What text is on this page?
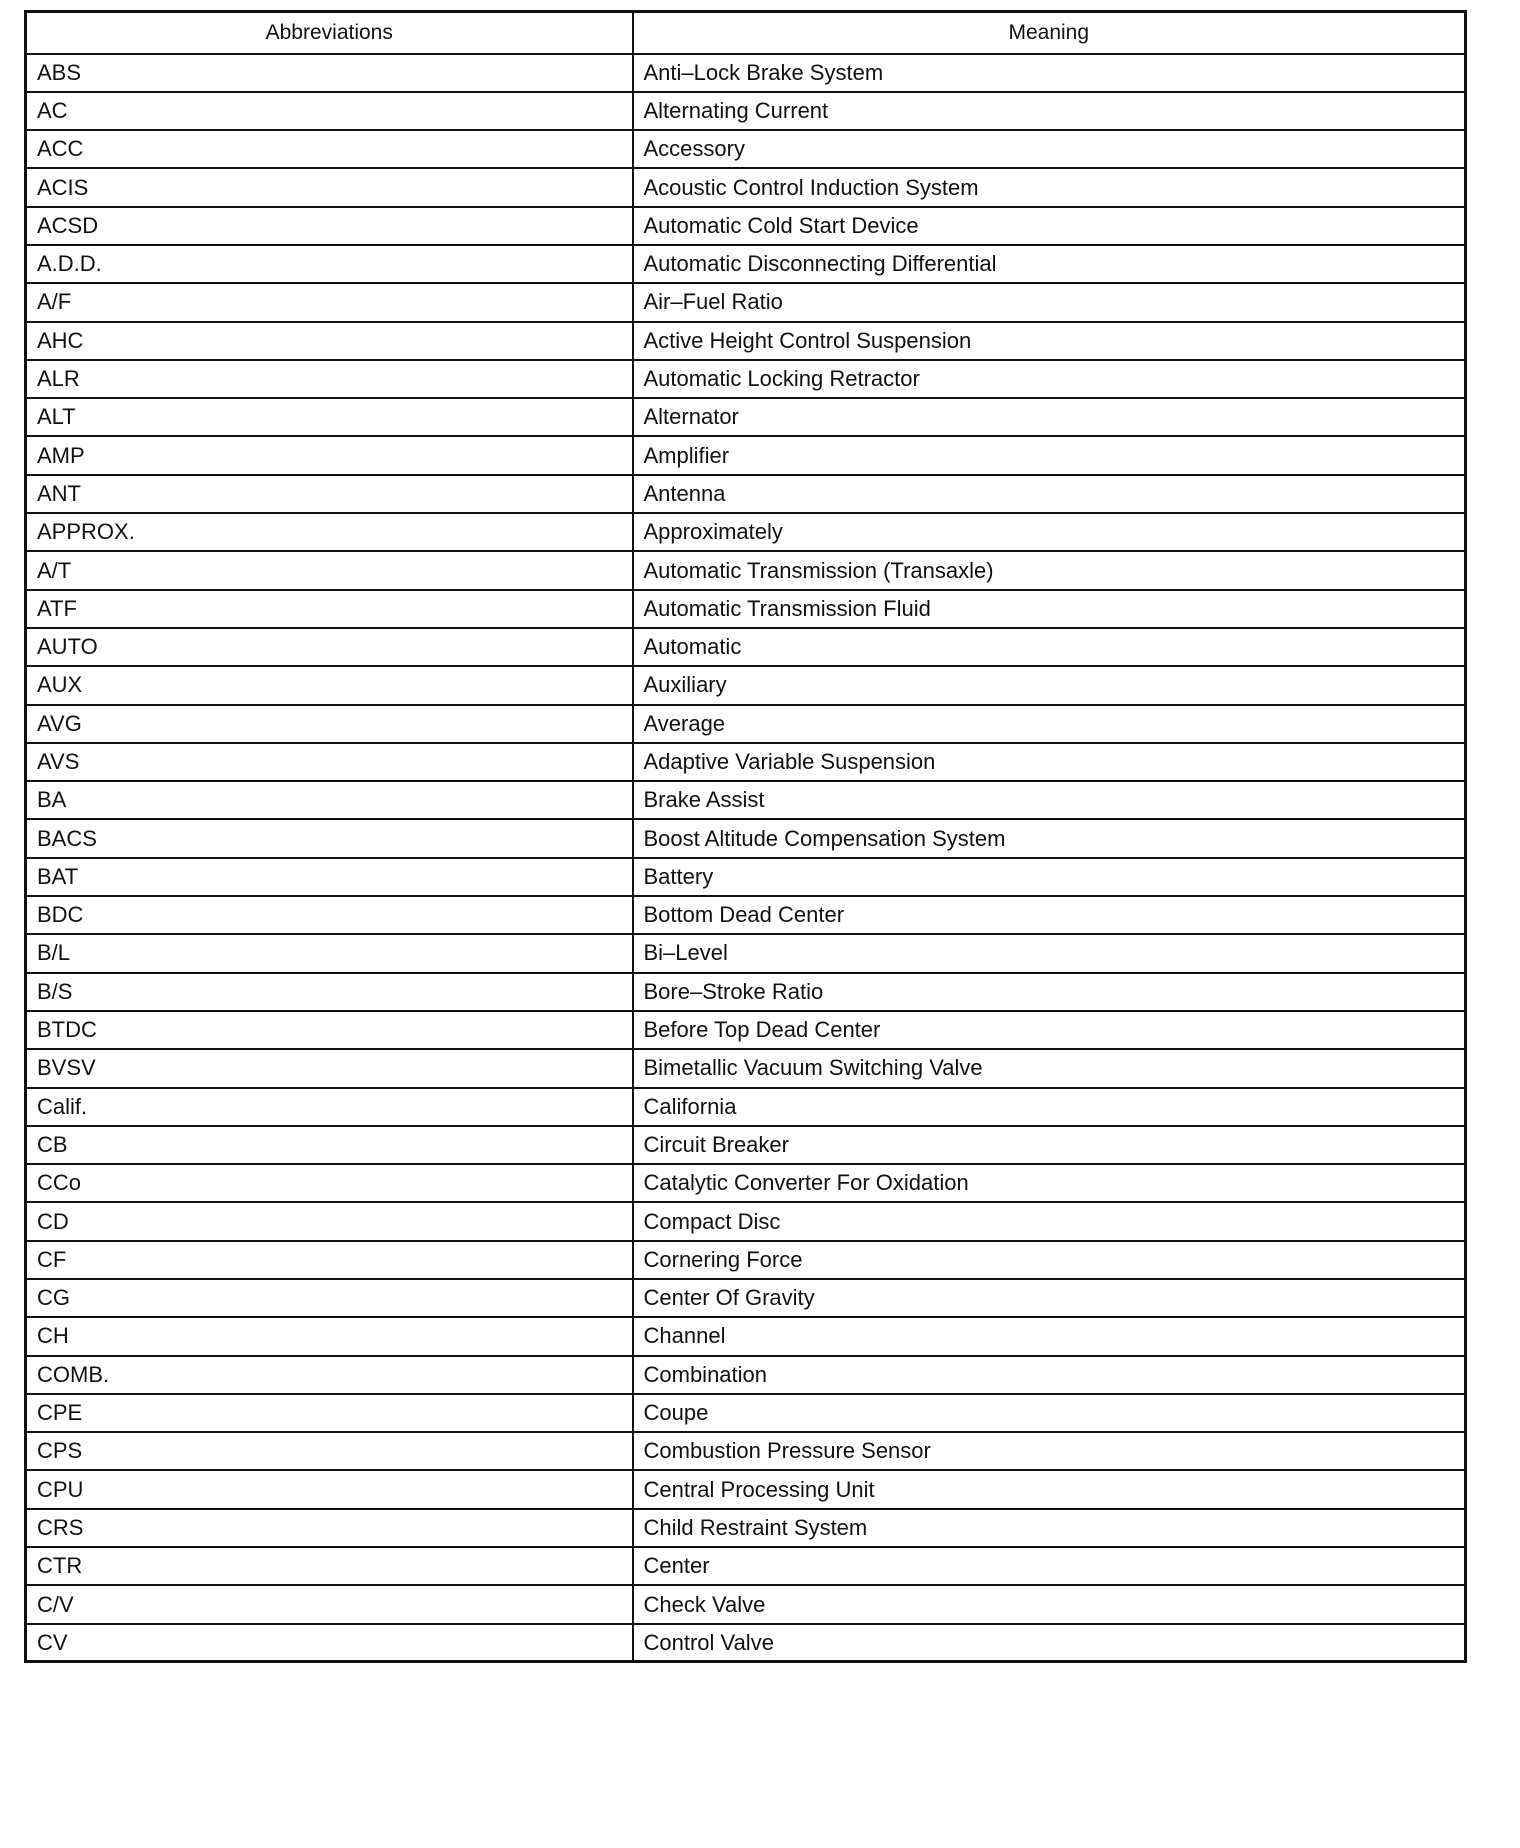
Abbreviations	Meaning
ABS	Anti–Lock Brake System
AC	Alternating Current
ACC	Accessory
ACIS	Acoustic Control Induction System
ACSD	Automatic Cold Start Device
A.D.D.	Automatic Disconnecting Differential
A/F	Air–Fuel Ratio
AHC	Active Height Control Suspension
ALR	Automatic Locking Retractor
ALT	Alternator
AMP	Amplifier
ANT	Antenna
APPROX.	Approximately
A/T	Automatic Transmission (Transaxle)
ATF	Automatic Transmission Fluid
AUTO	Automatic
AUX	Auxiliary
AVG	Average
AVS	Adaptive Variable Suspension
BA	Brake Assist
BACS	Boost Altitude Compensation System
BAT	Battery
BDC	Bottom Dead Center
B/L	Bi–Level
B/S	Bore–Stroke Ratio
BTDC	Before Top Dead Center
BVSV	Bimetallic Vacuum Switching Valve
Calif.	California
CB	Circuit Breaker
CCo	Catalytic Converter For Oxidation
CD	Compact Disc
CF	Cornering Force
CG	Center Of Gravity
CH	Channel
COMB.	Combination
CPE	Coupe
CPS	Combustion Pressure Sensor
CPU	Central Processing Unit
CRS	Child Restraint System
CTR	Center
C/V	Check Valve
CV	Control Valve
